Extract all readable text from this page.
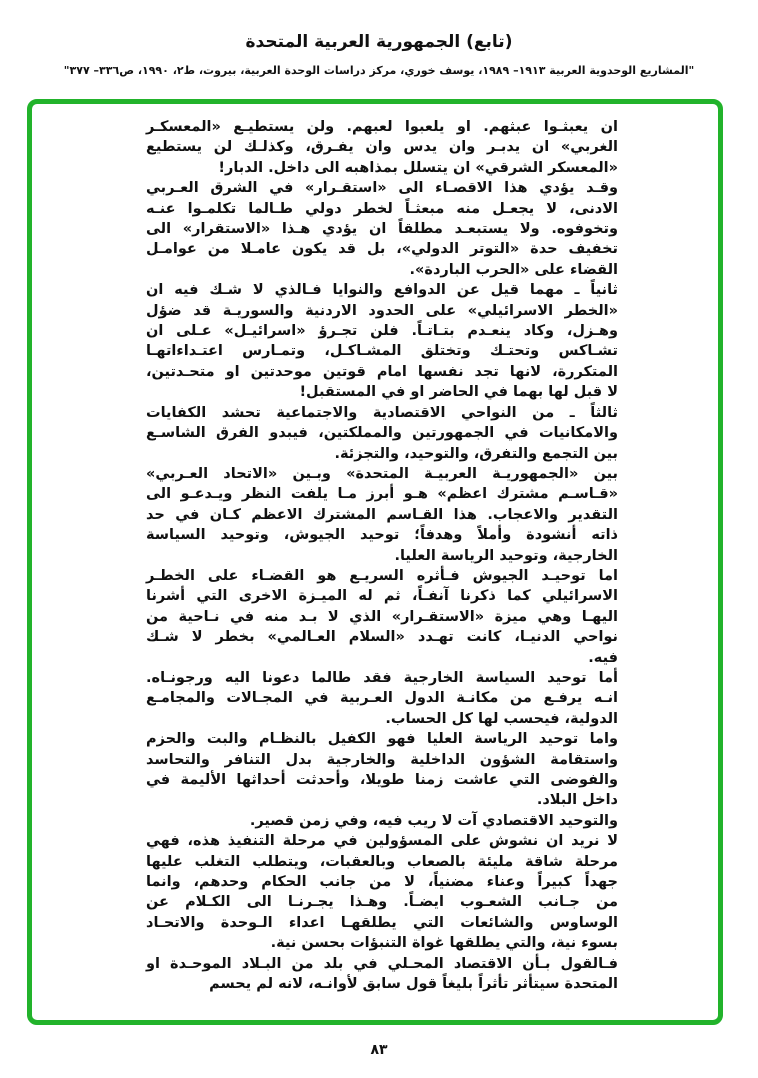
(تابع) الجمهورية العربية المتحدة
"المشاريع الوحدوية العربية ١٩١٣– ١٩٨٩، يوسف خوري، مركز دراسات الوحدة العربية، بيروت، ط٢، ١٩٩٠، ص٣٣٦– ٣٧٧"
ان يعبثـوا عبثهم. او يلعبوا لعبهم. ولن يستطيـع «المعسكـر
الغربي» ان يدبـر وان يدس وان يفـرق، وكذلـك لن يستطيع
«المعسكر الشرقي» ان يتسلل بمذاهبه الى داخل. الدبار!
وقـد يؤدي هذا الاقصـاء الى «استقـرار» في الشرق العـربي
الادنى، لا يجعـل منه مبعثـاً لخطر دولي طـالما تكلمـوا عنـه
وتخوفوه. ولا يستبعـد مطلقاً ان يؤدي هـذا «الاستقرار» الى
تخفيف حدة «التوتر الدولي»، بل قد يكون عامـلا من عوامـل
القضاء على «الحرب الباردة».
ثانياً ـ مهما قيل عن الدوافع والنوايا فـالذي لا شـك فيه ان
«الخطر الاسرائيلي» على الحدود الاردنية والسوريـة قد ضؤل
وهـزل، وكاد ينعـدم بتـاتـاً. فلن تجـرؤ «اسرائيـل» عـلى ان
تشـاكس وتحتـك وتختلق المشـاكـل، وتمـارس اعتـداءاتهـا
المتكررة، لانها تجد نفسها امام قوتين موحدتين او متحـدتين،
لا قبل لها بهما في الحاضر او في المستقبل!
ثالثاً ـ من النواحي الاقتصادية والاجتماعية تحشد الكفايات
والامكانيات في الجمهورتين والمملكتين، فيبدو الفرق الشاسـع
بين التجمع والتفرق، والتوحيد، والتجزئة.
بين «الجمهوريـة العربيـة المتحدة» وبـين «الاتحاد العـربي»
«قـاسـم مشترك اعظم» هـو أبرز مـا يلفت النظر ويـدعـو الى
التقدير والاعجاب. هذا القـاسم المشترك الاعظم كـان في حد
ذاته أنشودة وأملاً وهدفاً؛ توحيد الجيوش، وتوحيد السياسة
الخارجية، وتوحيد الرياسة العليا.
اما توحيـد الجيوش فـأثره السريـع هو القضـاء على الخطـر
الاسرائيلي كما ذكرنا آنفـاً، ثم له الميـزة الاخرى التي أشرنا
اليهـا وهي ميزة «الاستقـرار» الذي لا بـد منه في نـاحية من
نواحي الدنيـا، كانت تهـدد «السلام العـالمي» بخطر لا شـك
فيه.
أما توحيد السياسة الخارجية فقد طالما دعونا اليه ورجونـاه.
انـه يرفـع من مكانـة الدول العـربية في المجـالات والمجامـع
الدولية، فيحسب لها كل الحساب.
واما توحيد الرياسة العليا فهو الكفيل بالنظـام والبت والحزم
واستقامة الشؤون الداخلية والخارجية بدل التنافر والتحاسد
والفوضى التي عاشت زمنا طويلا، وأحدثت أحداثها الأليمة في
داخل البلاد.
والتوحيد الاقتصادي آت لا ريب فيه، وفي زمن قصير.
لا نريد ان نشوش على المسؤولين في مرحلة التنفيذ هذه، فهي
مرحلة شاقة مليئة بالصعاب وبالعقبات، ويتطلب التغلب عليها
جهداً كبيراً وعناء مضنياً، لا من جانب الحكام وحدهم، وانما
من جـانب الشعـوب ايضـاً. وهـذا يجـرنـا الى الكـلام عن
الوساوس والشائعات التي يطلقهـا اعداء الـوحدة والاتحـاد
بسوء نية، والتي يطلقها غواة التنبؤات بحسن نية.
فـالقول بـأن الاقتصاد المحـلي في بلد من البـلاد الموحـدة او
المتحدة سيتأثر تأثراً بليغاً قول سابق لأوانـه، لانه لم يحسم
٨٣
